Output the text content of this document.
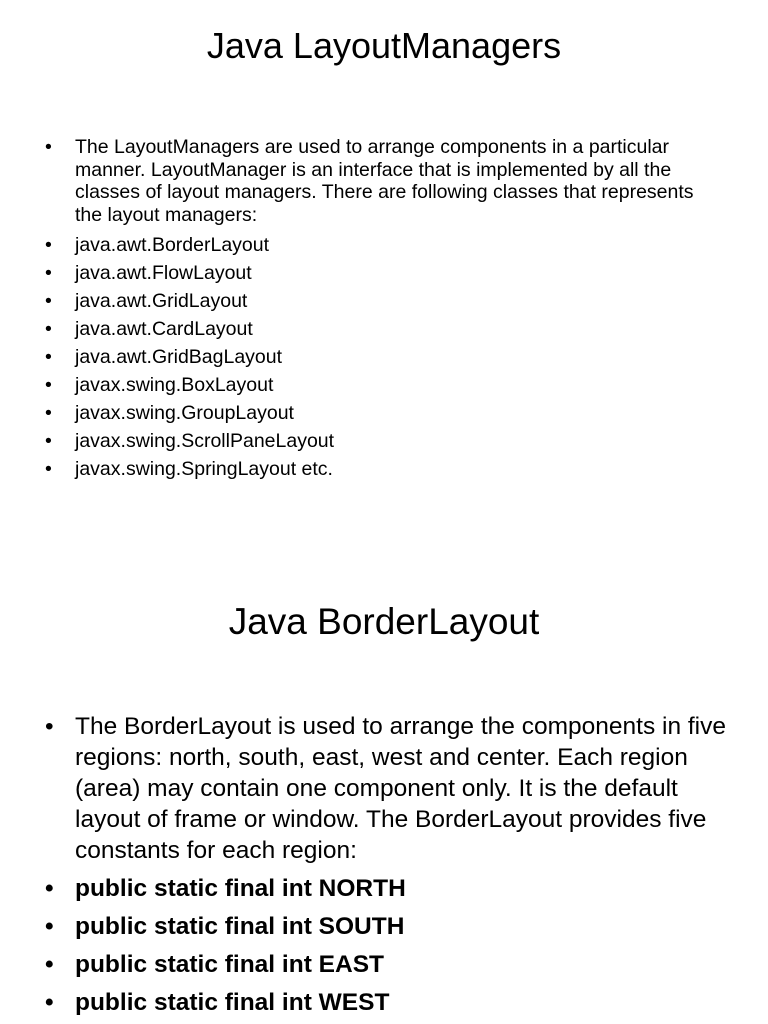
Java LayoutManagers
• The LayoutManagers are used to arrange components in a particular manner. LayoutManager is an interface that is implemented by all the classes of layout managers. There are following classes that represents the layout managers:
• java.awt.BorderLayout
• java.awt.FlowLayout
• java.awt.GridLayout
• java.awt.CardLayout
• java.awt.GridBagLayout
• javax.swing.BoxLayout
• javax.swing.GroupLayout
• javax.swing.ScrollPaneLayout
• javax.swing.SpringLayout etc.
Java BorderLayout
• The BorderLayout is used to arrange the components in five regions: north, south, east, west and center. Each region (area) may contain one component only. It is the default layout of frame or window. The BorderLayout provides five constants for each region:
• public static final int NORTH
• public static final int SOUTH
• public static final int EAST
• public static final int WEST
